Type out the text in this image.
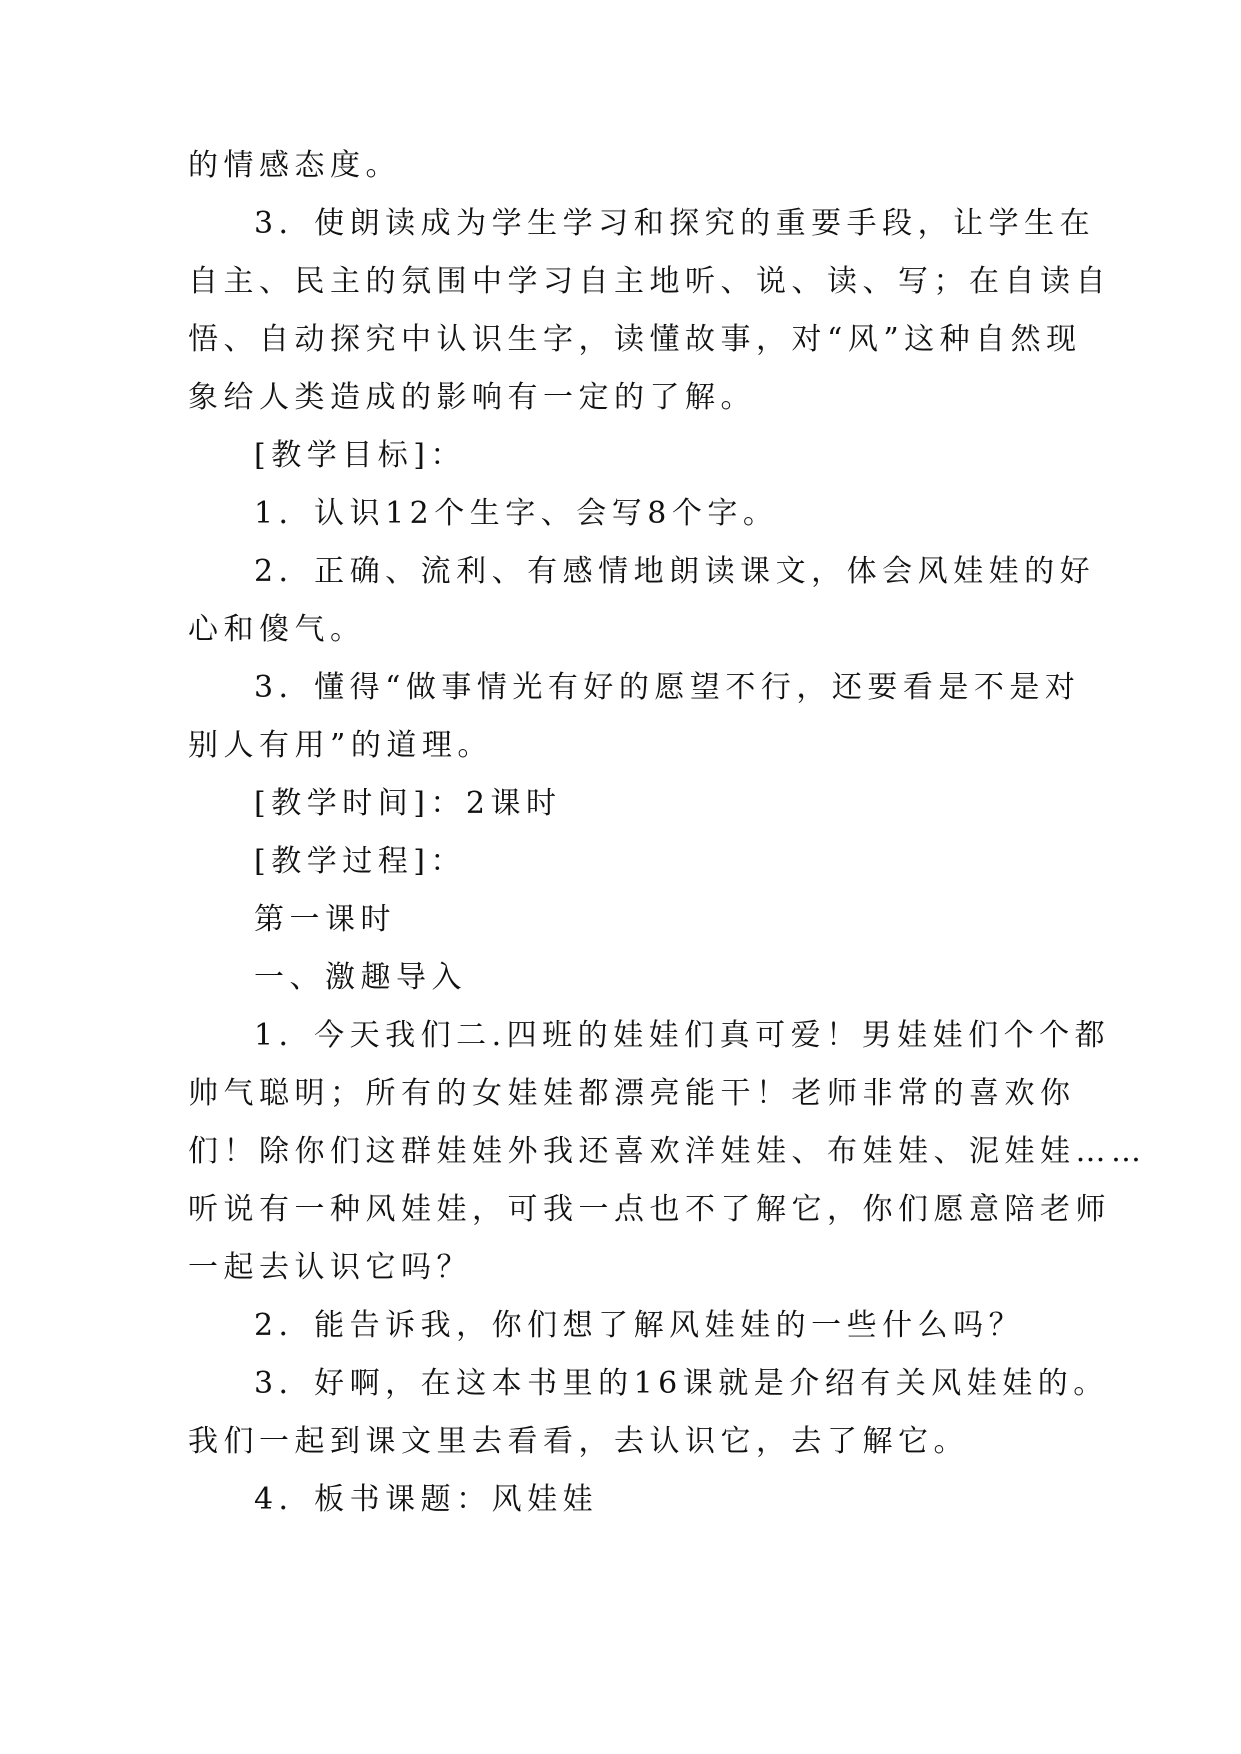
的情感态度。
3．使朗读成为学生学习和探究的重要手段，让学生在
自主、民主的氛围中学习自主地听、说、读、写；在自读自
悟、自动探究中认识生字，读懂故事，对“风”这种自然现
象给人类造成的影响有一定的了解。
[教学目标]：
1．认识12个生字、会写8个字。
2．正确、流利、有感情地朗读课文，体会风娃娃的好
心和傻气。
3．懂得“做事情光有好的愿望不行，还要看是不是对
别人有用”的道理。
[教学时间]：2课时
[教学过程]：
第一课时
一、激趣导入
1．今天我们二.四班的娃娃们真可爱！男娃娃们个个都
帅气聪明；所有的女娃娃都漂亮能干！老师非常的喜欢你
们！除你们这群娃娃外我还喜欢洋娃娃、布娃娃、泥娃娃……
听说有一种风娃娃，可我一点也不了解它，你们愿意陪老师
一起去认识它吗？
2．能告诉我，你们想了解风娃娃的一些什么吗？
3．好啊，在这本书里的16课就是介绍有关风娃娃的。
我们一起到课文里去看看，去认识它，去了解它。
4．板书课题：风娃娃
